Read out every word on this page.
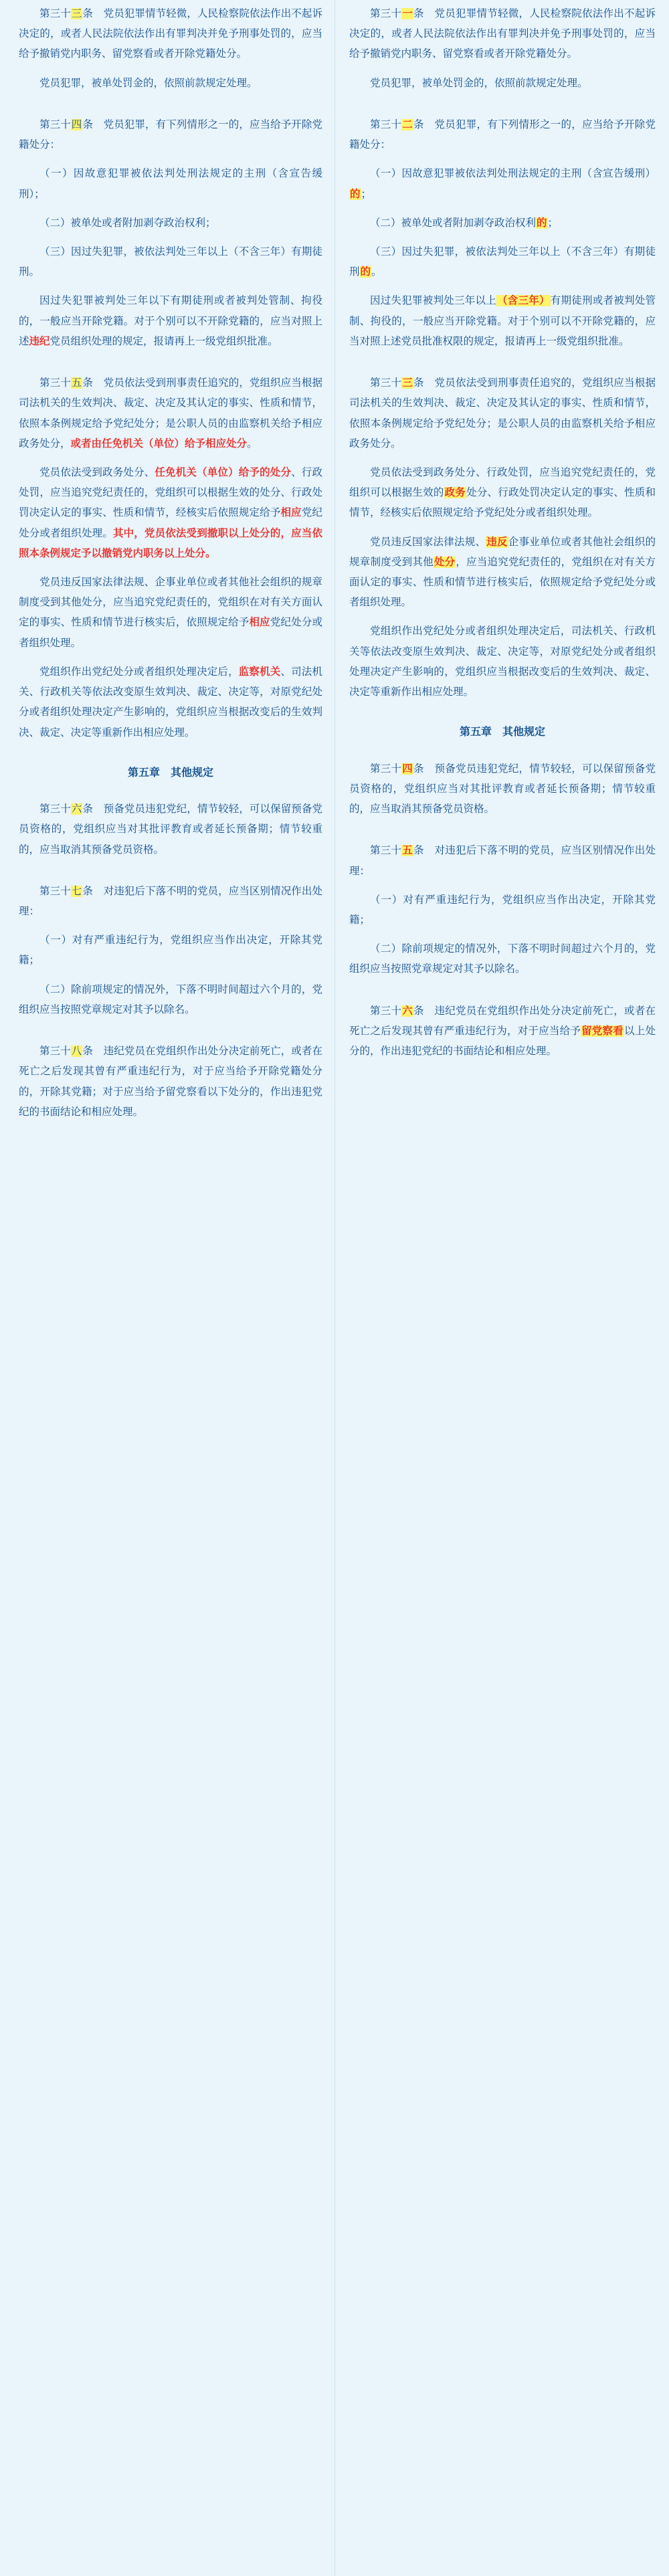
第三十三条　党员犯罪情节轻微，人民检察院依法作出不起诉决定的，或者人民法院依法作出有罪判决并免予刑事处罚的，应当给予撤销党内职务、留党察看或者开除党籍处分。

党员犯罪，被单处罚金的，依照前款规定处理。

第三十四条　党员犯罪，有下列情形之一的，应当给予开除党籍处分：

（一）因故意犯罪被依法判处刑法规定的主刑（含宣告缓刑）；

（二）被单处或者附加剥夺政治权利；

（三）因过失犯罪，被依法判处三年以上（不含三年）有期徒刑。

因过失犯罪被判处三年以下有期徒刑或者被判处管制、拘役的，一般应当开除党籍。对于个别可以不开除党籍的，应当对照上述违纪党员组织处理的规定，报请再上一级党组织批准。

第三十五条　党员依法受到刑事责任追究的，党组织应当根据司法机关的生效判决、裁定、决定及其认定的事实、性质和情节，依照本条例规定给予党纪处分；是公职人员的由监察机关给予相应政务处分，或者由任免机关（单位）给予相应处分。

党员依法受到政务处分、任免机关（单位）给予的处分、行政处罚，应当追究党纪责任的，党组织可以根据生效的处分、行政处罚决定认定的事实、性质和情节，经核实后依照规定给予相应党纪处分或者组织处理。其中，党员依法受到撤职以上处分的，应当依照本条例规定予以撤销党内职务以上处分。

党员违反国家法律法规、企事业单位或者其他社会组织的规章制度受到其他处分，应当追究党纪责任的，党组织在对有关方面认定的事实、性质和情节进行核实后，依照规定给予相应党纪处分或者组织处理。

党组织作出党纪处分或者组织处理决定后，监察机关、司法机关、行政机关等依法改变原生效判决、裁定、决定等，对原党纪处分或者组织处理决定产生影响的，党组织应当根据改变后的生效判决、裁定、决定等重新作出相应处理。

第五章　其他规定

第三十六条　预备党员违犯党纪，情节较轻，可以保留预备党员资格的，党组织应当对其批评教育或者延长预备期；情节较重的，应当取消其预备党员资格。

第三十七条　对违犯后下落不明的党员，应当区别情况作出处理：

（一）对有严重违纪行为，党组织应当作出决定，开除其党籍；

（二）除前项规定的情况外，下落不明时间超过六个月的，党组织应当按照党章规定对其予以除名。

第三十八条　违纪党员在党组织作出处分决定前死亡，或者在死亡之后发现其曾有严重违纪行为，对于应当给予开除党籍处分的，开除其党籍；对于应当给予留党察看以下处分的，作出违犯党纪的书面结论和相应处理。

第三十一条　党员犯罪情节轻微，人民检察院依法作出不起诉决定的，或者人民法院依法作出有罪判决并免予刑事处罚的，应当给予撤销党内职务、留党察看或者开除党籍处分。

党员犯罪，被单处罚金的，依照前款规定处理。

第三十二条　党员犯罪，有下列情形之一的，应当给予开除党籍处分：

（一）因故意犯罪被依法判处刑法规定的主刑（含宣告缓刑）的；

（二）被单处或者附加剥夺政治权利的；

（三）因过失犯罪，被依法判处三年以上（不含三年）有期徒刑的。

因过失犯罪被判处三年以上（含三年）有期徒刑或者被判处管制、拘役的，一般应当开除党籍。对于个别可以不开除党籍的，应当对照上述党员批准权限的规定，报请再上一级党组织批准。

第三十三条　党员依法受到刑事责任追究的，党组织应当根据司法机关的生效判决、裁定、决定及其认定的事实、性质和情节，依照本条例规定给予党纪处分；是公职人员的由监察机关给予相应政务处分。

党员依法受到政务处分、行政处罚，应当追究党纪责任的，党组织可以根据生效的政务处分、行政处罚决定认定的事实、性质和情节，经核实后依照规定给予党纪处分或者组织处理。

党员违反国家法律法规、违反企事业单位或者其他社会组织的规章制度受到其他处分，应当追究党纪责任的，党组织在对有关方面认定的事实、性质和情节进行核实后，依照规定给予党纪处分或者组织处理。

党组织作出党纪处分或者组织处理决定后，司法机关、行政机关等依法改变原生效判决、裁定、决定等，对原党纪处分或者组织处理决定产生影响的，党组织应当根据改变后的生效判决、裁定、决定等重新作出相应处理。

第五章　其他规定

第三十四条　预备党员违犯党纪，情节较轻，可以保留预备党员资格的，党组织应当对其批评教育或者延长预备期；情节较重的，应当取消其预备党员资格。

第三十五条　对违犯后下落不明的党员，应当区别情况作出处理：

（一）对有严重违纪行为，党组织应当作出决定，开除其党籍；

（二）除前项规定的情况外，下落不明时间超过六个月的，党组织应当按照党章规定对其予以除名。

第三十六条　违纪党员在党组织作出处分决定前死亡，或者在死亡之后发现其曾有严重违纪行为，对于应当给予留党察看以上处分的，作出违犯党纪的书面结论和相应处理。
